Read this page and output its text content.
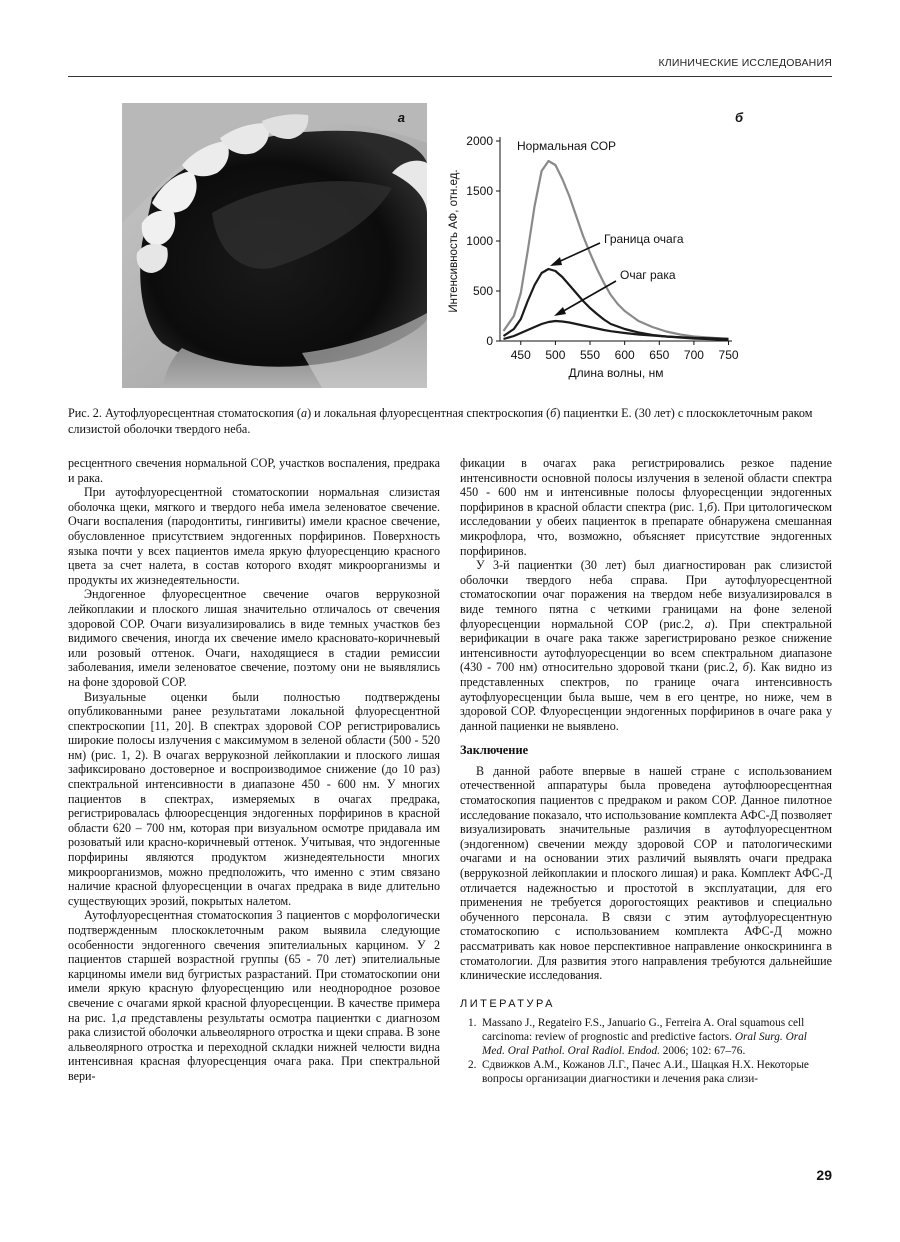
КЛИНИЧЕСКИЕ ИССЛЕДОВАНИЯ
а
0
500
1000
1500
2000
450 500 550 600 650 700 750
Длина волны, нм
Интенсивность АФ, отн.ед.
Нормальная СОР
Граница очага
Очаг рака
б
Рис. 2. Аутофлуоресцентная стоматоскопия (а) и локальная флуоресцентная спектроскопия (б) пациентки Е. (30 лет) с плоскоклеточным раком слизистой оболочки твердого неба.

ресцентного свечения нормальной СОР, участков воспаления, предрака и рака.

При аутофлуоресцентной стоматоскопии нормальная слизистая оболочка щеки, мягкого и твердого неба имела зеленоватое свечение. Очаги воспаления (пародонтиты, гингивиты) имели красное свечение, обусловленное присутствием эндогенных порфиринов. Поверхность языка почти у всех пациентов имела яркую флуоресценцию красного цвета за счет налета, в состав которого входят микроорганизмы и продукты их жизнедеятельности.

Эндогенное флуоресцентное свечение очагов веррукозной лейкоплакии и плоского лишая значительно отличалось от свечения здоровой СОР. Очаги визуализировались в виде темных участков без видимого свечения, иногда их свечение имело красновато-коричневый или розовый оттенок. Очаги, находящиеся в стадии ремиссии заболевания, имели зеленоватое свечение, поэтому они не выявлялись на фоне здоровой СОР.

Визуальные оценки были полностью подтверждены опубликованными ранее результатами локальной флуоресцентной спектроскопии [11, 20]. В спектрах здоровой СОР регистрировались широкие полосы излучения с максимумом в зеленой области (500 - 520 нм) (рис. 1, 2). В очагах веррукозной лейкоплакии и плоского лишая зафиксировано достоверное и воспроизводимое снижение (до 10 раз) спектральной интенсивности в диапазоне 450 - 600 нм. У многих пациентов в спектрах, измеряемых в очагах предрака, регистрировалась флюоресценция эндогенных порфиринов в красной области 620 – 700 нм, которая при визуальном осмотре придавала им розоватый или красно-коричневый оттенок. Учитывая, что эндогенные порфирины являются продуктом жизнедеятельности многих микроорганизмов, можно предположить, что именно с этим связано наличие красной флуоресценции в очагах предрака в виде длительно существующих эрозий, покрытых налетом.

Аутофлуоресцентная стоматоскопия 3 пациентов с морфологически подтвержденным плоскоклеточным раком выявила следующие особенности эндогенного свечения эпителиальных карцином. У 2 пациентов старшей возрастной группы (65 - 70 лет) эпителиальные карциномы имели вид бугристых разрастаний. При стоматоскопии они имели яркую красную флуоресценцию или неоднородное розовое свечение с очагами яркой красной флуоресценции. В качестве примера на рис. 1,а представлены результаты осмотра пациентки с диагнозом рака слизистой оболочки альвеолярного отростка и щеки справа. В зоне альвеолярного отростка и переходной складки нижней челюсти видна интенсивная красная флуоресценция очага рака. При спектральной вери-

фикации в очагах рака регистрировались резкое падение интенсивности основной полосы излучения в зеленой области спектра 450 - 600 нм и интенсивные полосы флуоресценции эндогенных порфиринов в красной области спектра (рис. 1,б). При цитологическом исследовании у обеих пациенток в препарате обнаружена смешанная микрофлора, что, возможно, объясняет присутствие эндогенных порфиринов.

У 3-й пациентки (30 лет) был диагностирован рак слизистой оболочки твердого неба справа. При аутофлуоресцентной стоматоскопии очаг поражения на твердом небе визуализировался в виде темного пятна с четкими границами на фоне зеленой флуоресценции нормальной СОР (рис.2, а). При спектральной верификации в очаге рака также зарегистрировано резкое снижение интенсивности аутофлуоресценции во всем спектральном диапазоне (430 - 700 нм) относительно здоровой ткани (рис.2, б). Как видно из представленных спектров, по границе очага интенсивность аутофлуоресценции была выше, чем в его центре, но ниже, чем в здоровой СОР. Флуоресценции эндогенных порфиринов в очаге рака у данной пациенки не выявлено.

Заключение

В данной работе впервые в нашей стране с использованием отечественной аппаратуры была проведена аутофлюоресцентная стоматоскопия пациентов с предраком и раком СОР. Данное пилотное исследование показало, что использование комплекта АФС-Д позволяет визуализировать значительные различия в аутофлуоресцентном (эндогенном) свечении между здоровой СОР и патологическими очагами и на основании этих различий выявлять очаги предрака (веррукозной лейкоплакии и плоского лишая) и рака. Комплект АФС-Д отличается надежностью и простотой в эксплуатации, для его применения не требуется дорогостоящих реактивов и специально обученного персонала. В связи с этим аутофлуоресцентную стоматоскопию с использованием комплекта АФС-Д можно рассматривать как новое перспективное направление онкоскрининга в стоматологии. Для развития этого направления требуются дальнейшие клинические исследования.

ЛИТЕРАТУРА
1. Massano J., Regateiro F.S., Januario G., Ferreira A. Oral squamous cell carcinoma: review of prognostic and predictive factors. Oral Surg. Oral Med. Oral Pathol. Oral Radiol. Endod. 2006; 102: 67–76.
2. Сдвижков А.М., Кожанов Л.Г., Пачес А.И., Шацкая Н.Х. Некоторые вопросы организации диагностики и лечения рака слизи-
29
